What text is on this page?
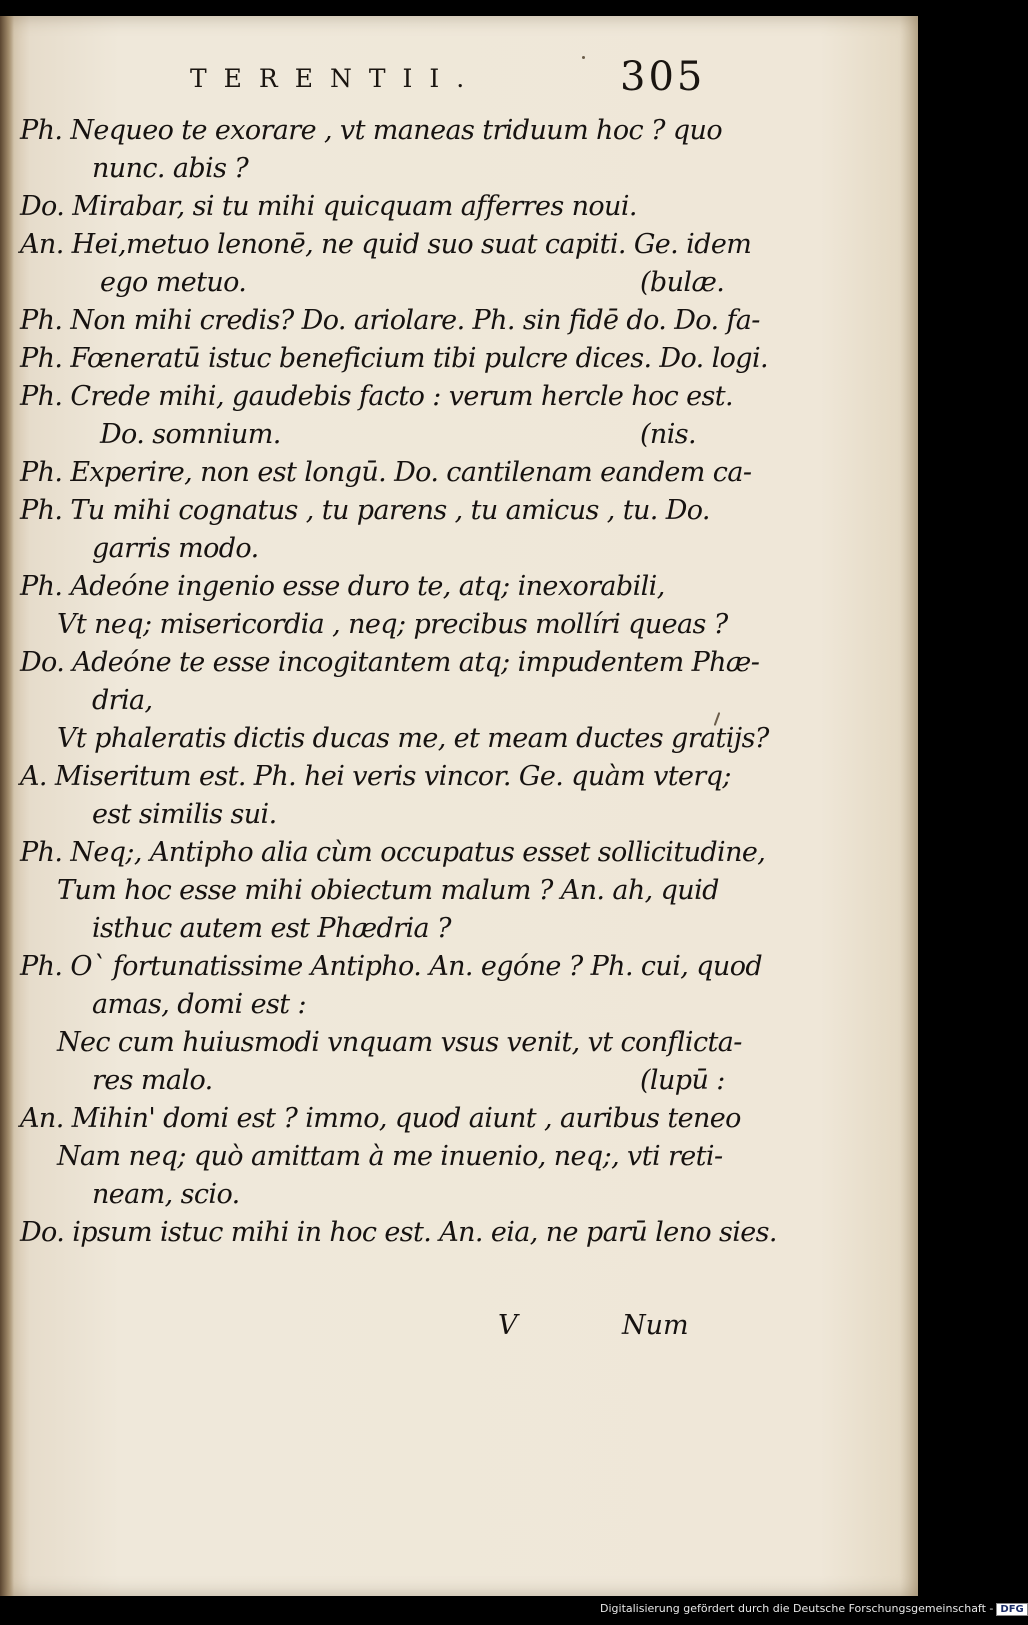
TERENTII.	305
Ph. Nequeo te exorare , vt maneas triduum hoc ? quo
nunc. abis ?
Do. Mirabar, si tu mihi quicquam afferres noui.
An. Hei,metuo lenonē, ne quid suo suat capiti. Ge. idem
ego metuo.	(bulæ.
Ph. Non mihi credis? Do. ariolare. Ph. sin fidē do. Do. fa-
Ph. Fœneratū istuc beneficium tibi pulcre dices. Do. logi.
Ph. Crede mihi, gaudebis facto : verum hercle hoc est.
Do. somnium.	(nis.
Ph. Experire, non est longū. Do. cantilenam eandem ca-
Ph. Tu mihi cognatus , tu parens , tu amicus , tu. Do.
garris modo.
Ph. Adeóne ingenio esse duro te, atq; inexorabili,
Vt neq; misericordia , neq; precibus mollíri queas ?
Do. Adeóne te esse incogitantem atq; impudentem Phæ-
dria,
Vt phaleratis dictis ducas me, et meam ductes gratijs?
A. Miseritum est. Ph. hei veris vincor. Ge. quàm vterq;
est similis sui.
Ph. Neq;, Antipho alia cùm occupatus esset sollicitudine,
Tum hoc esse mihi obiectum malum ? An. ah, quid
isthuc autem est Phædria ?
Ph. O` fortunatissime Antipho. An. egóne ? Ph. cui, quod
amas, domi est :
Nec cum huiusmodi vnquam vsus venit, vt conflicta-
res malo.	(lupū :
An. Mihin' domi est ? immo, quod aiunt , auribus teneo
Nam neq; quò amittam à me inuenio, neq;, vti reti-
neam, scio.
Do. ipsum istuc mihi in hoc est. An. eia, ne parū leno sies.
V	Num
Digitalisierung gefördert durch die Deutsche Forschungsgemeinschaft - DFG
